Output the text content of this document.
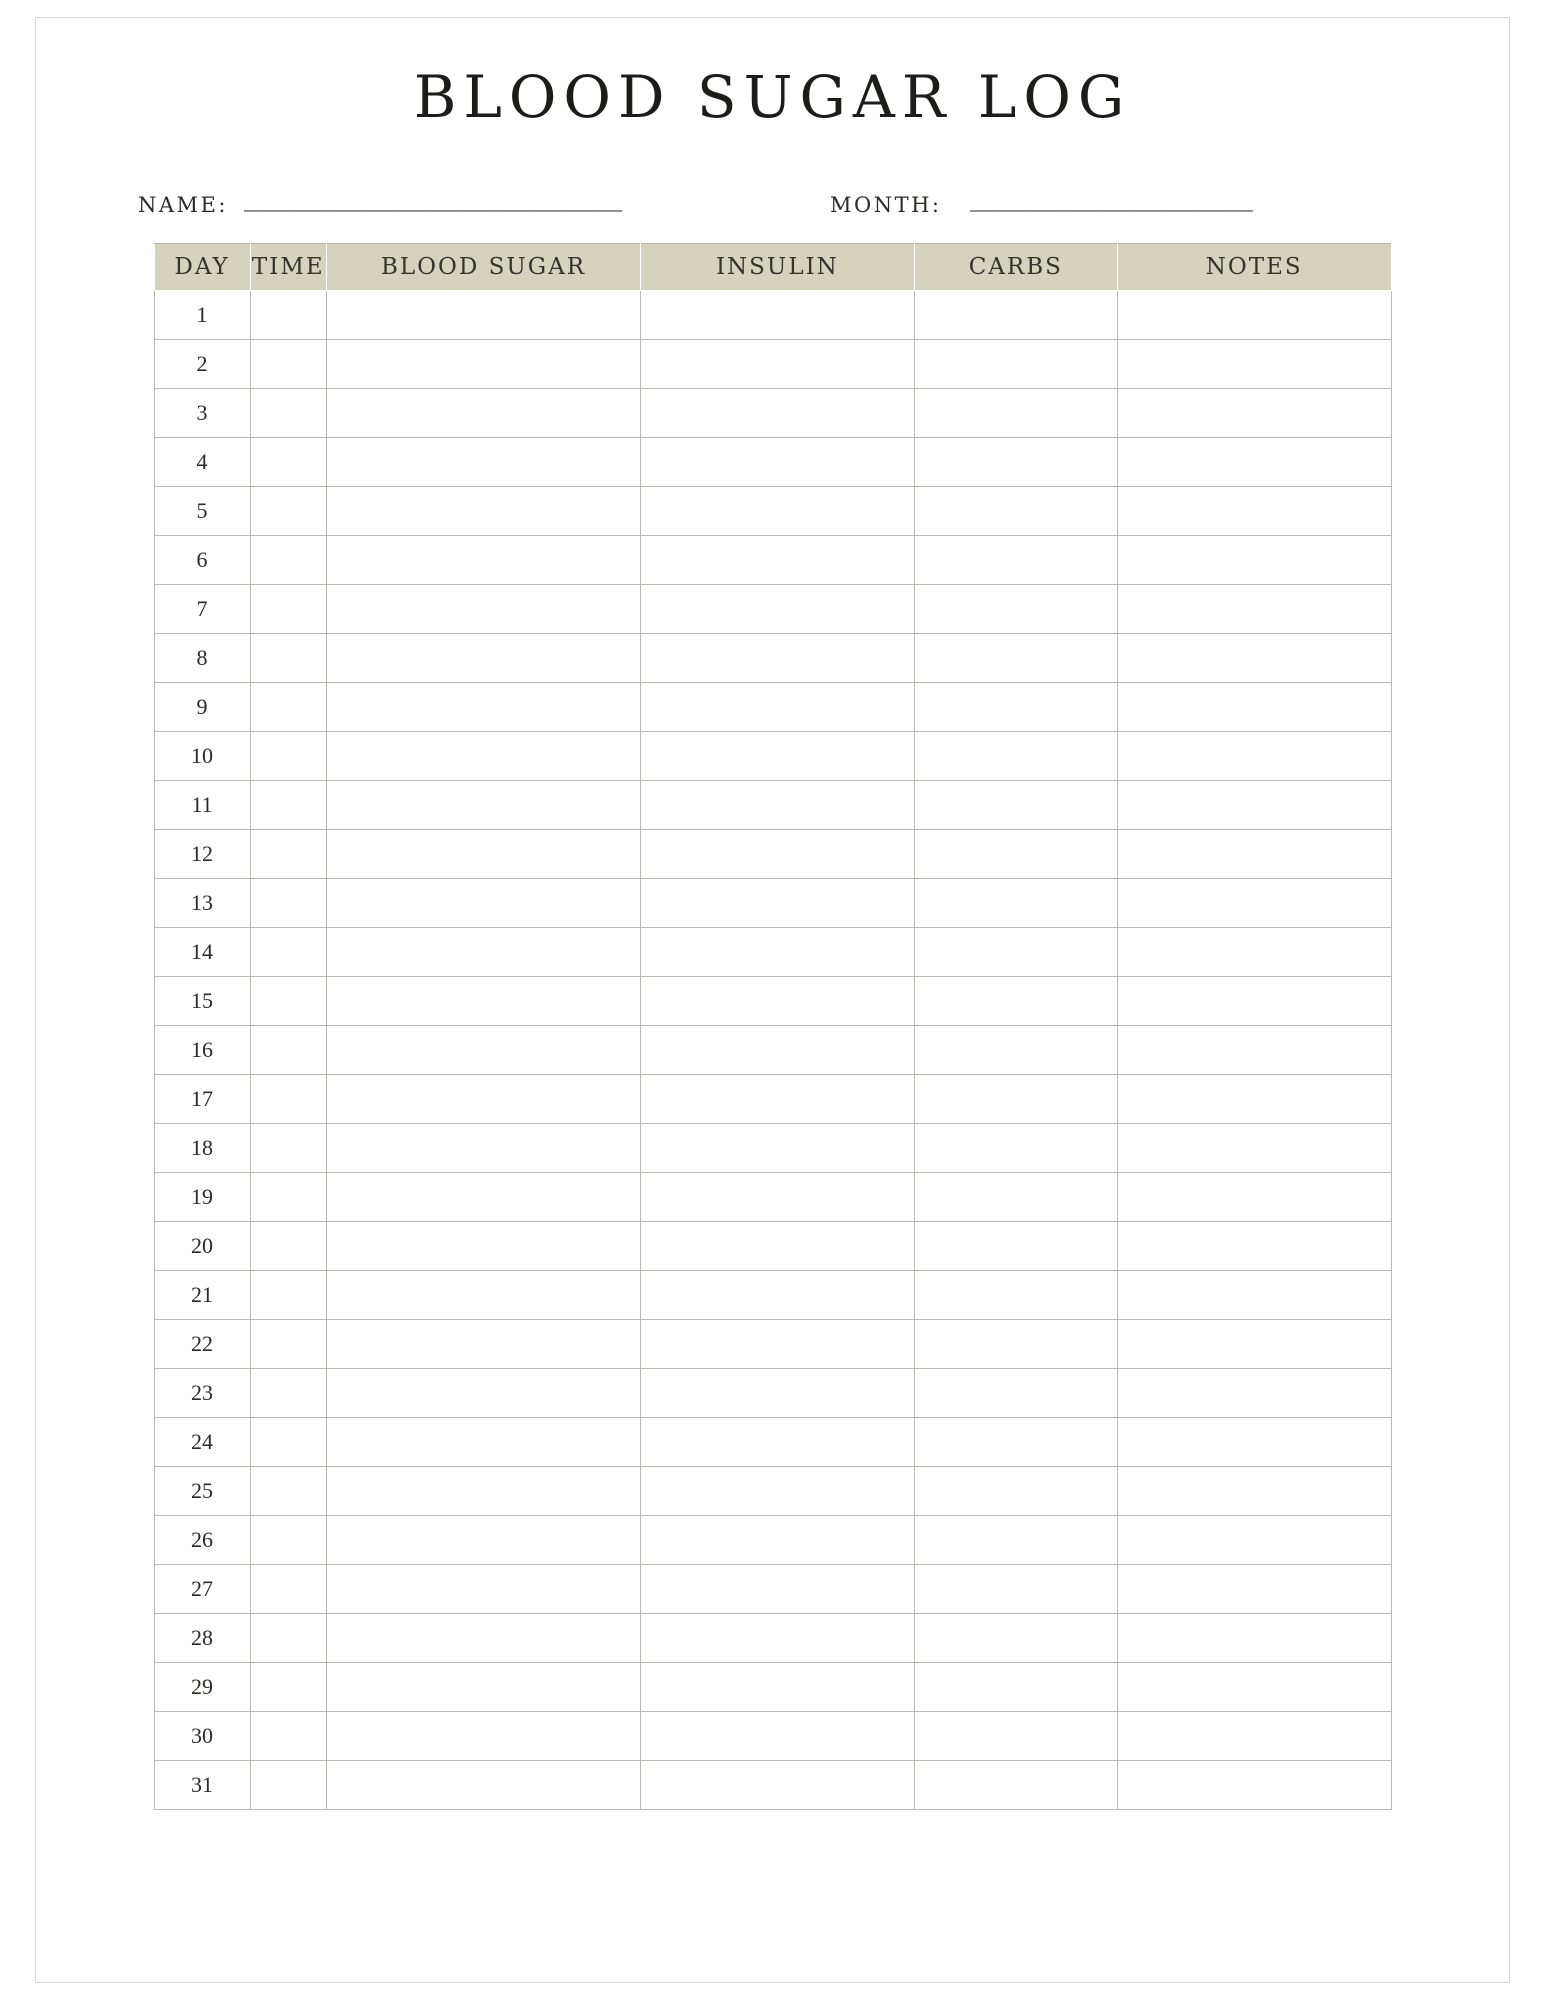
BLOOD SUGAR LOG
NAME: ____________________________________	MONTH: ___________________________
DAY	TIME	BLOOD SUGAR	INSULIN	CARBS	NOTES
1					
2					
3					
4					
5					
6					
7					
8					
9					
10					
11					
12					
13					
14					
15					
16					
17					
18					
19					
20					
21					
22					
23					
24					
25					
26					
27					
28					
29					
30					
31					
